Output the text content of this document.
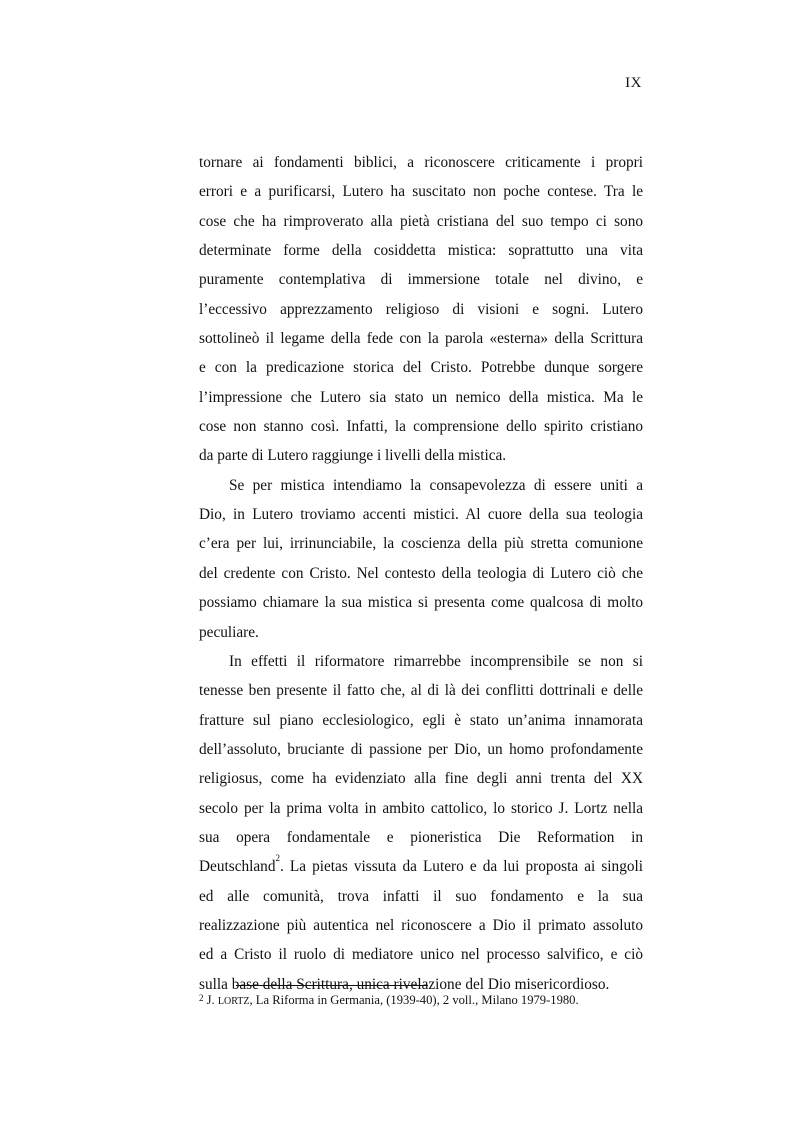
IX
tornare ai fondamenti biblici, a riconoscere criticamente i propri
errori e a purificarsi, Lutero ha suscitato non poche contese. Tra le
cose che ha rimproverato alla pietà cristiana del suo tempo ci sono
determinate forme della cosiddetta mistica: soprattutto una vita
puramente contemplativa di immersione totale nel divino, e
l’eccessivo apprezzamento religioso di visioni e sogni. Lutero
sottolineò il legame della fede con la parola «esterna» della Scrittura
e con la predicazione storica del Cristo. Potrebbe dunque sorgere
l’impressione che Lutero sia stato un nemico della mistica. Ma le
cose non stanno così. Infatti, la comprensione dello spirito cristiano
da parte di Lutero raggiunge i livelli della mistica.
Se per mistica intendiamo la consapevolezza di essere uniti a
Dio, in Lutero troviamo accenti mistici. Al cuore della sua teologia
c’era per lui, irrinunciabile, la coscienza della più stretta comunione
del credente con Cristo. Nel contesto della teologia di Lutero ciò che
possiamo chiamare la sua mistica si presenta come qualcosa di molto
peculiare.
In effetti il riformatore rimarrebbe incomprensibile se non si
tenesse ben presente il fatto che, al di là dei conflitti dottrinali e delle
fratture sul piano ecclesiologico, egli è stato un’anima innamorata
dell’assoluto, bruciante di passione per Dio, un homo profondamente
religiosus, come ha evidenziato alla fine degli anni trenta del XX
secolo per la prima volta in ambito cattolico, lo storico J. Lortz nella
sua opera fondamentale e pioneristica Die Reformation in
Deutschland$^2$. La pietas vissuta da Lutero e da lui proposta ai singoli
ed alle comunità, trova infatti il suo fondamento e la sua
realizzazione più autentica nel riconoscere a Dio il primato assoluto
ed a Cristo il ruolo di mediatore unico nel processo salvifico, e ciò
sulla base della Scrittura, unica rivelazione del Dio misericordioso.
$^2$ J. LORTZ, La Riforma in Germania, (1939-40), 2 voll., Milano 1979-1980.
